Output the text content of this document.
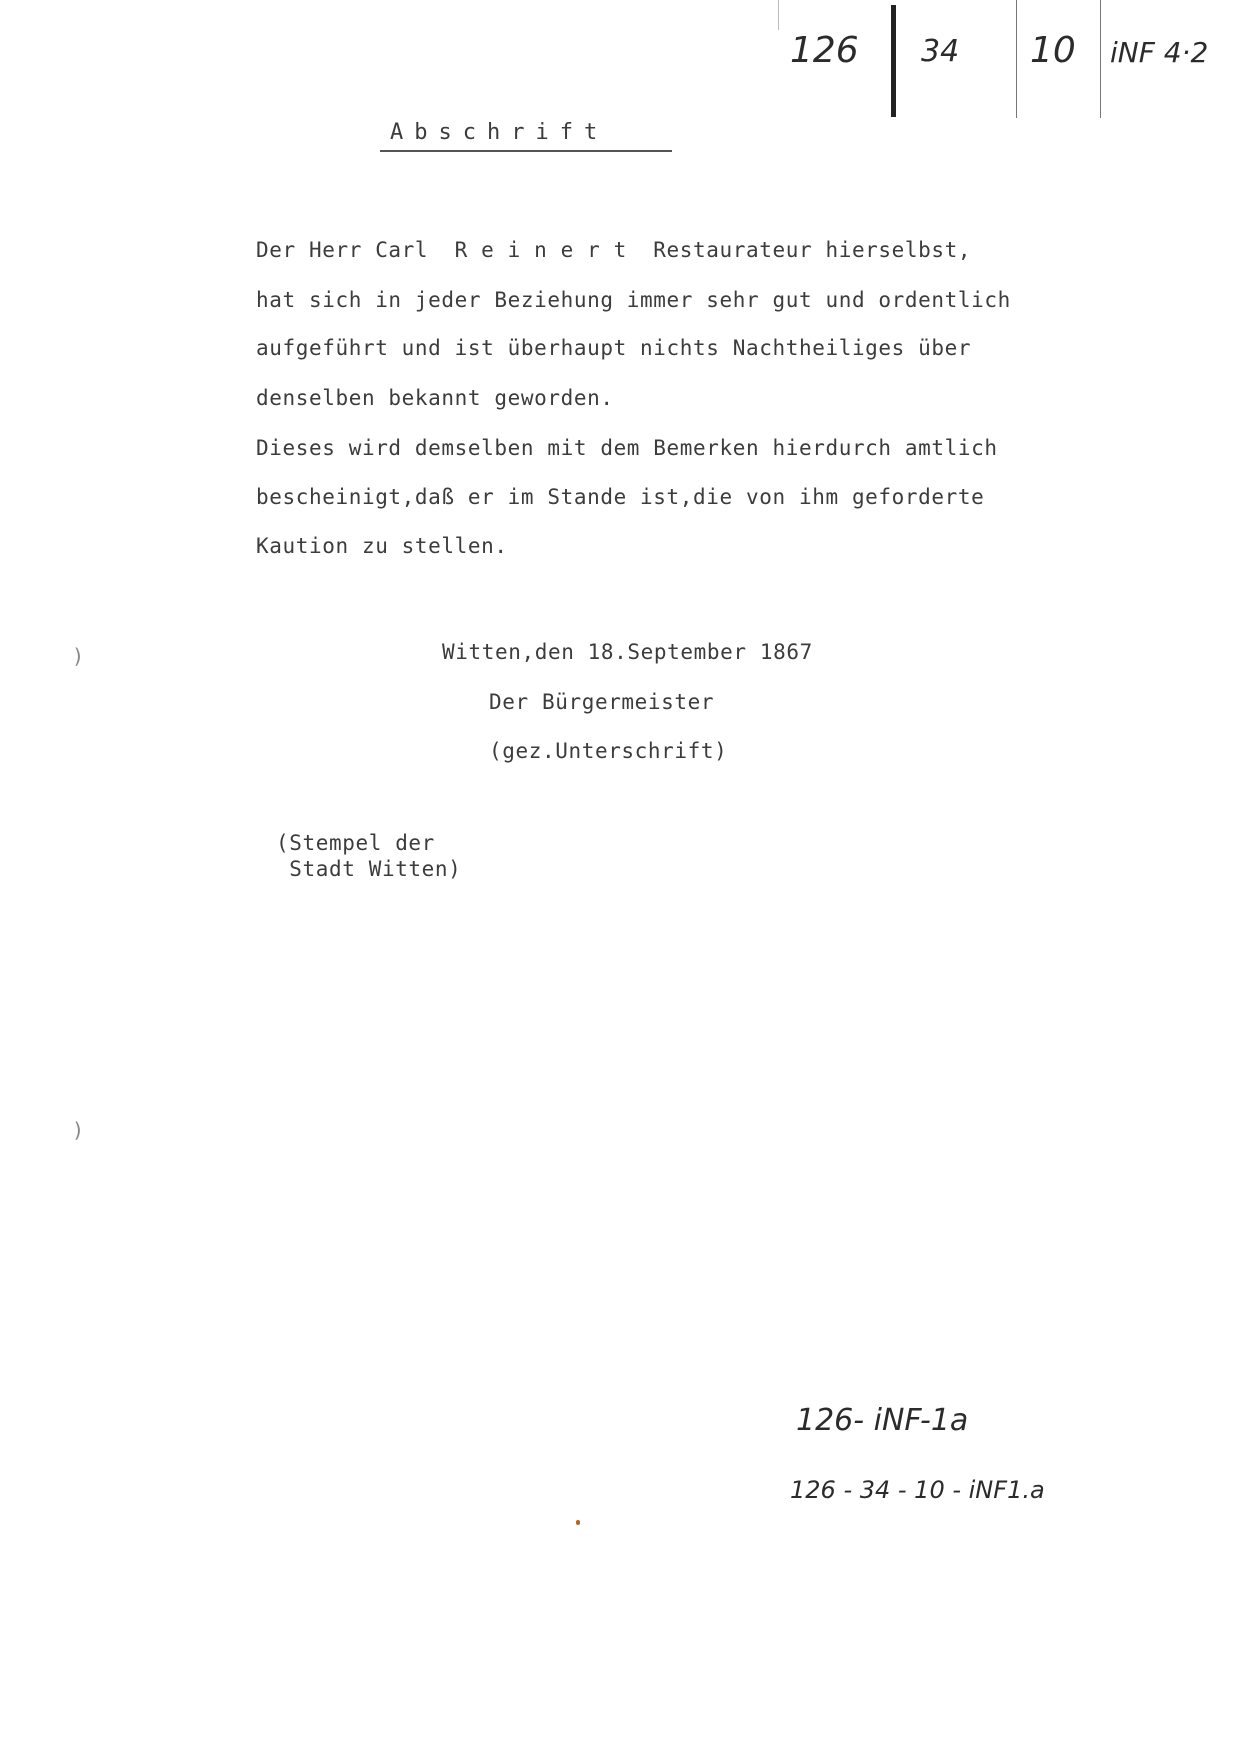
126 34 10 iNF 4·2
Abschrift
Der Herr Carl  R e i n e r t  Restaurateur hierselbst,
hat sich in jeder Beziehung immer sehr gut und ordentlich
aufgeführt und ist überhaupt nichts Nachtheiliges über
denselben bekannt geworden.
Dieses wird demselben mit dem Bemerken hierdurch amtlich
bescheinigt,daß er im Stande ist,die von ihm geforderte
Kaution zu stellen.
Witten,den 18.September 1867
Der Bürgermeister
(gez.Unterschrift)
(Stempel der
Stadt Witten)
)
)
126- iNF-1a
126 - 34 - 10 - iNF1.a
